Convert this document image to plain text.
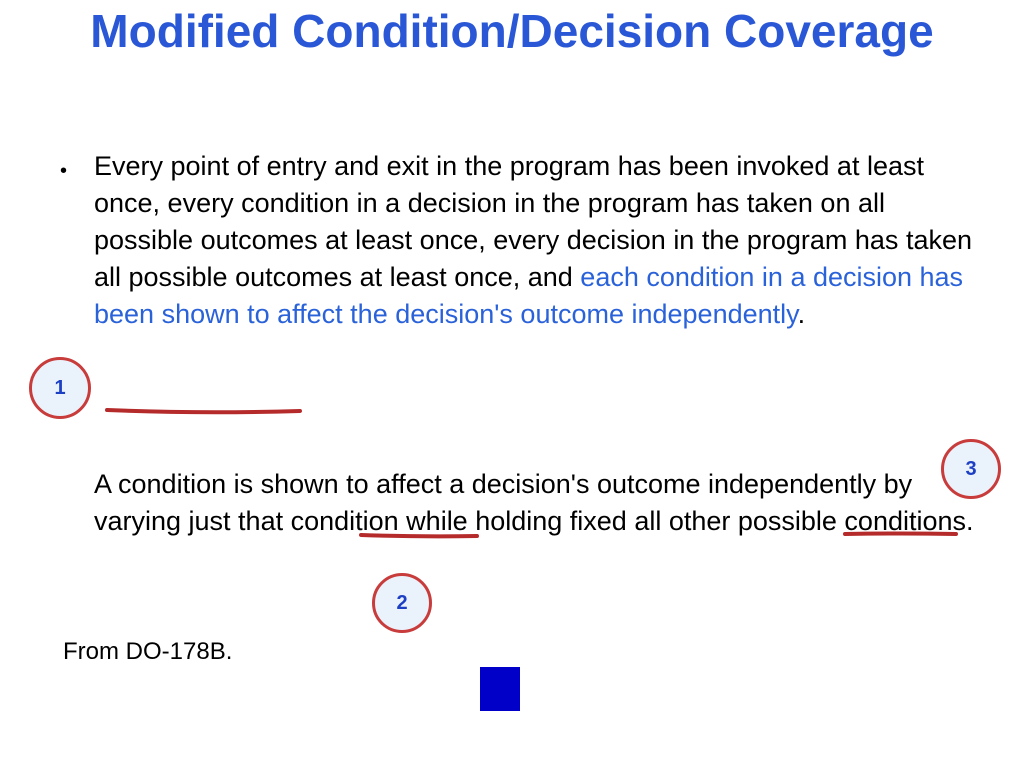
Modified Condition/Decision Coverage
• Every point of entry and exit in the program has been invoked at least once, every condition in a decision in the program has taken on all possible outcomes at least once, every decision in the program has taken all possible outcomes at least once, and each condition in a decision has been shown to affect the decision's outcome independently.
A condition is shown to affect a decision's outcome independently by varying just that condition while holding fixed all other possible conditions.
From DO-178B.
1
2
3
